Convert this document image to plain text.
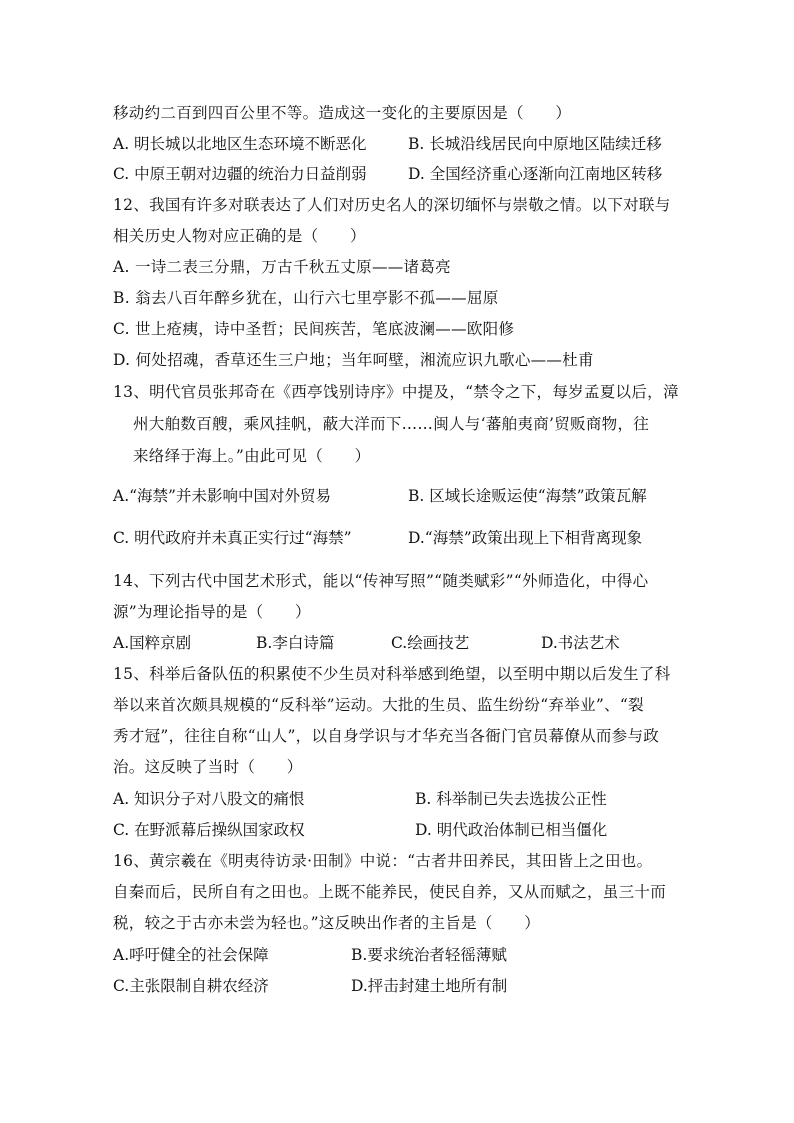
移动约二百到四百公里不等。造成这一变化的主要原因是（　　）
A. 明长城以北地区生态环境不断恶化	B. 长城沿线居民向中原地区陆续迁移
C. 中原王朝对边疆的统治力日益削弱	D. 全国经济重心逐渐向江南地区转移
12、我国有许多对联表达了人们对历史名人的深切缅怀与崇敬之情。以下对联与
相关历史人物对应正确的是（　　）
A. 一诗二表三分鼎，万古千秋五丈原——诸葛亮
B. 翁去八百年醉乡犹在，山行六七里亭影不孤——屈原
C. 世上疮痍，诗中圣哲；民间疾苦，笔底波澜——欧阳修
D. 何处招魂，香草还生三户地；当年呵壁，湘流应识九歌心——杜甫
13、明代官员张邦奇在《西亭饯别诗序》中提及，“禁令之下，每岁孟夏以后，漳
州大舶数百艘，乘风挂帆，蔽大洋而下……闽人与‘蕃舶夷商’贸贩商物，往
来络绎于海上。”由此可见（　　）
A.“海禁”并未影响中国对外贸易	B. 区域长途贩运使“海禁”政策瓦解
C. 明代政府并未真正实行过“海禁”	D.“海禁”政策出现上下相背离现象
14、下列古代中国艺术形式，能以“传神写照”“随类赋彩”“外师造化，中得心
源”为理论指导的是（　　）
A.国粹京剧	B.李白诗篇	C.绘画技艺	D.书法艺术
15、科举后备队伍的积累使不少生员对科举感到绝望，以至明中期以后发生了科
举以来首次颇具规模的“反科举”运动。大批的生员、监生纷纷“弃举业”、“裂
秀才冠”，往往自称“山人”，以自身学识与才华充当各衙门官员幕僚从而参与政
治。这反映了当时（　　）
A. 知识分子对八股文的痛恨	B. 科举制已失去选拔公正性
C. 在野派幕后操纵国家政权	D. 明代政治体制已相当僵化
16、黄宗羲在《明夷待访录·田制》中说：“古者井田养民，其田皆上之田也。
自秦而后，民所自有之田也。上既不能养民，使民自养，又从而赋之，虽三十而
税，较之于古亦未尝为轻也。”这反映出作者的主旨是（　　）
A.呼吁健全的社会保障	B.要求统治者轻徭薄赋
C.主张限制自耕农经济	D.抨击封建土地所有制
